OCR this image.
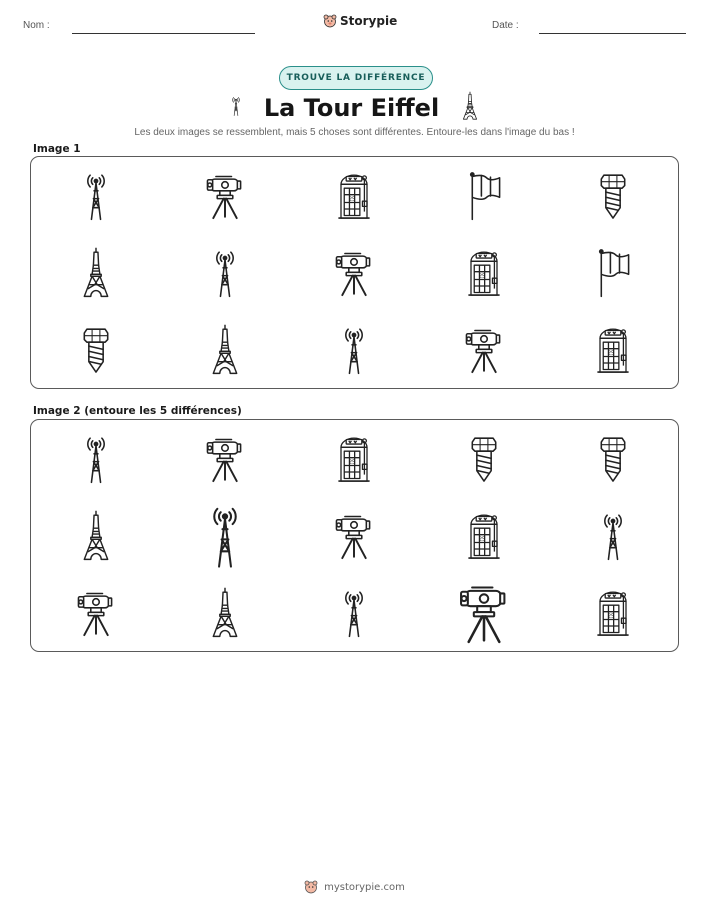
Nom :	Storypie	Date :
TROUVE LA DIFFÉRENCE
La Tour Eiffel
Les deux images se ressemblent, mais 5 choses sont différentes. Entoure-les dans l'image du bas !
Image 1
Image 2 (entoure les 5 différences)
mystorypie.com
